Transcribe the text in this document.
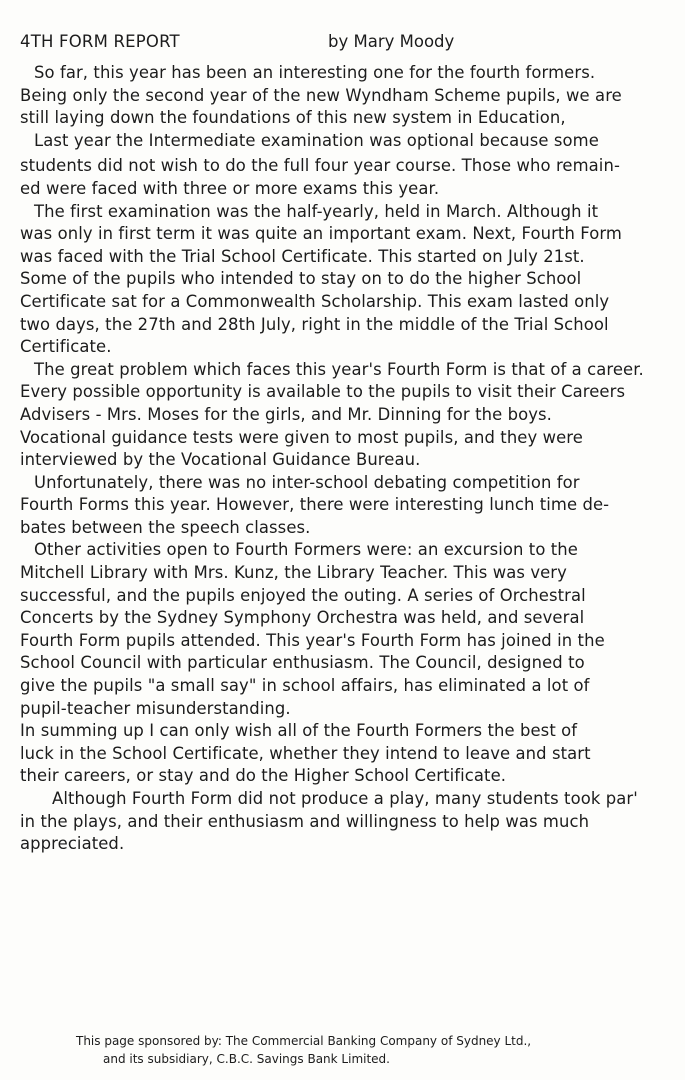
4TH FORM REPORT	by Mary Moody
So far, this year has been an interesting one for the fourth formers.
Being only the second year of the new Wyndham Scheme pupils, we are
still laying down the foundations of this new system in Education,
Last year the Intermediate examination was optional because some
students did not wish to do the full four year course. Those who remain-
ed were faced with three or more exams this year.
The first examination was the half-yearly, held in March. Although it
was only in first term it was quite an important exam. Next, Fourth Form
was faced with the Trial School Certificate. This started on July 21st.
Some of the pupils who intended to stay on to do the higher School
Certificate sat for a Commonwealth Scholarship. This exam lasted only
two days, the 27th and 28th July, right in the middle of the Trial School
Certificate.
The great problem which faces this year's Fourth Form is that of a career.
Every possible opportunity is available to the pupils to visit their Careers
Advisers - Mrs. Moses for the girls, and Mr. Dinning for the boys.
Vocational guidance tests were given to most pupils, and they were
interviewed by the Vocational Guidance Bureau.
Unfortunately, there was no inter-school debating competition for
Fourth Forms this year. However, there were interesting lunch time de-
bates between the speech classes.
Other activities open to Fourth Formers were: an excursion to the
Mitchell Library with Mrs. Kunz, the Library Teacher. This was very
successful, and the pupils enjoyed the outing. A series of Orchestral
Concerts by the Sydney Symphony Orchestra was held, and several
Fourth Form pupils attended. This year's Fourth Form has joined in the
School Council with particular enthusiasm. The Council, designed to
give the pupils "a small say" in school affairs, has eliminated a lot of
pupil-teacher misunderstanding.
In summing up I can only wish all of the Fourth Formers the best of
luck in the School Certificate, whether they intend to leave and start
their careers, or stay and do the Higher School Certificate.
Although Fourth Form did not produce a play, many students took par'
in the plays, and their enthusiasm and willingness to help was much
appreciated.
This page sponsored by: The Commercial Banking Company of Sydney Ltd.,
and its subsidiary, C.B.C. Savings Bank Limited.
